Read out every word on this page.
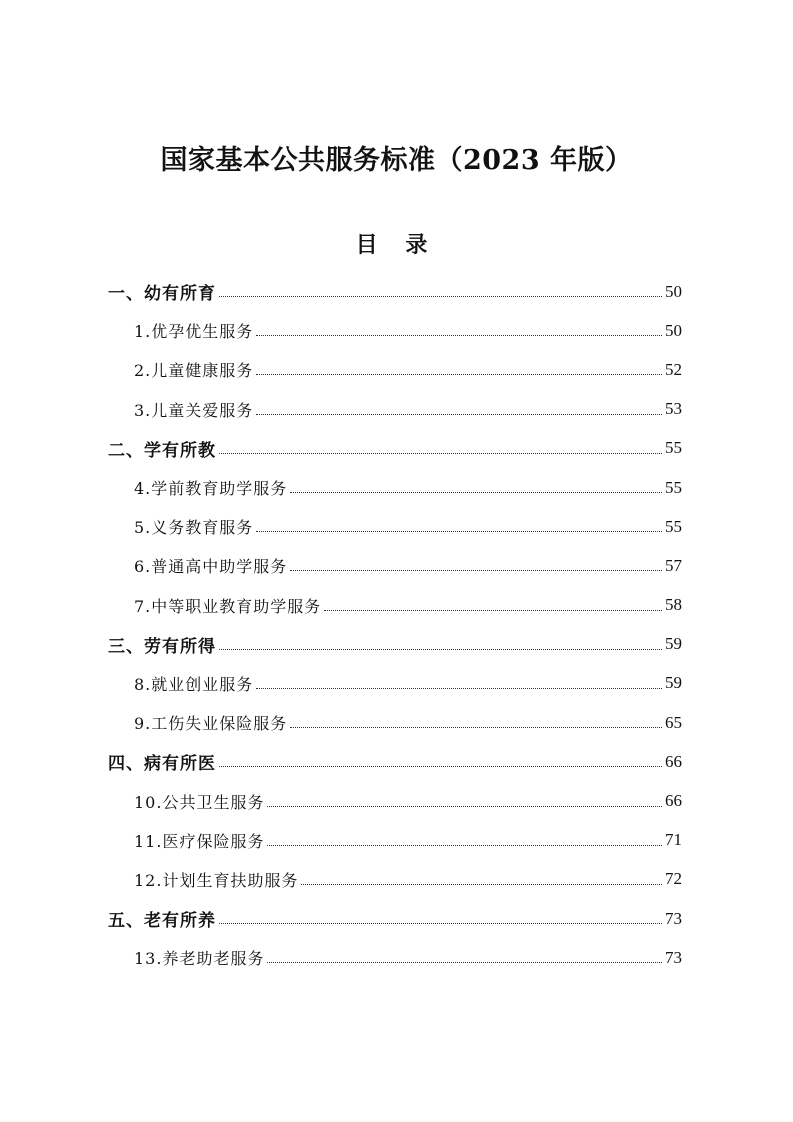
国家基本公共服务标准（2023 年版）
目 录
一、幼有所育	50
1.优孕优生服务	50
2.儿童健康服务	52
3.儿童关爱服务	53
二、学有所教	55
4.学前教育助学服务	55
5.义务教育服务	55
6.普通高中助学服务	57
7.中等职业教育助学服务	58
三、劳有所得	59
8.就业创业服务	59
9.工伤失业保险服务	65
四、病有所医	66
10.公共卫生服务	66
11.医疗保险服务	71
12.计划生育扶助服务	72
五、老有所养	73
13.养老助老服务	73
